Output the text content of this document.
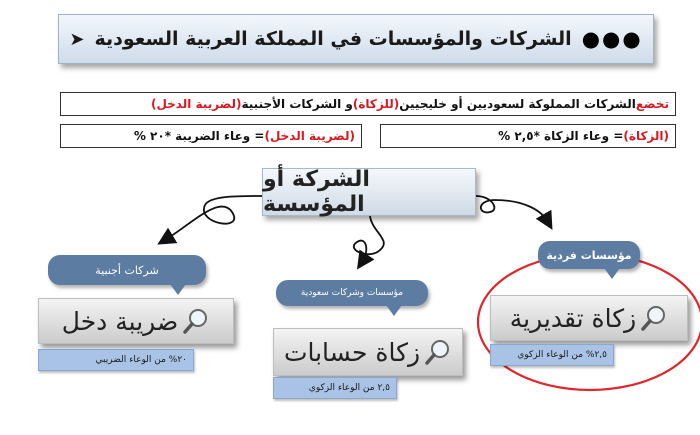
●●●
الشركات والمؤسسات في المملكة العربية السعودية
➤
تخضع
الشركات المملوكة لسعوديين أو خليجيين
(للزكاة)
و الشركات الأجنبية
(لضريبة الدخل)
(الزكاة)
= وعاء الزكاة *٢,٥ %
(لضريبة الدخل)
= وعاء الضريبة *٢٠ %
الشركة أو المؤسسة
شركات أجنبية
مؤسسات وشركات سعودية
مؤسسات فردية
ضريبة دخل
زكاة حسابات
زكاة تقديرية
٢٠% من الوعاء الضريبي
٢,٥ من الوعاء الزكوي
٢,٥% من الوعاء الزكوي
